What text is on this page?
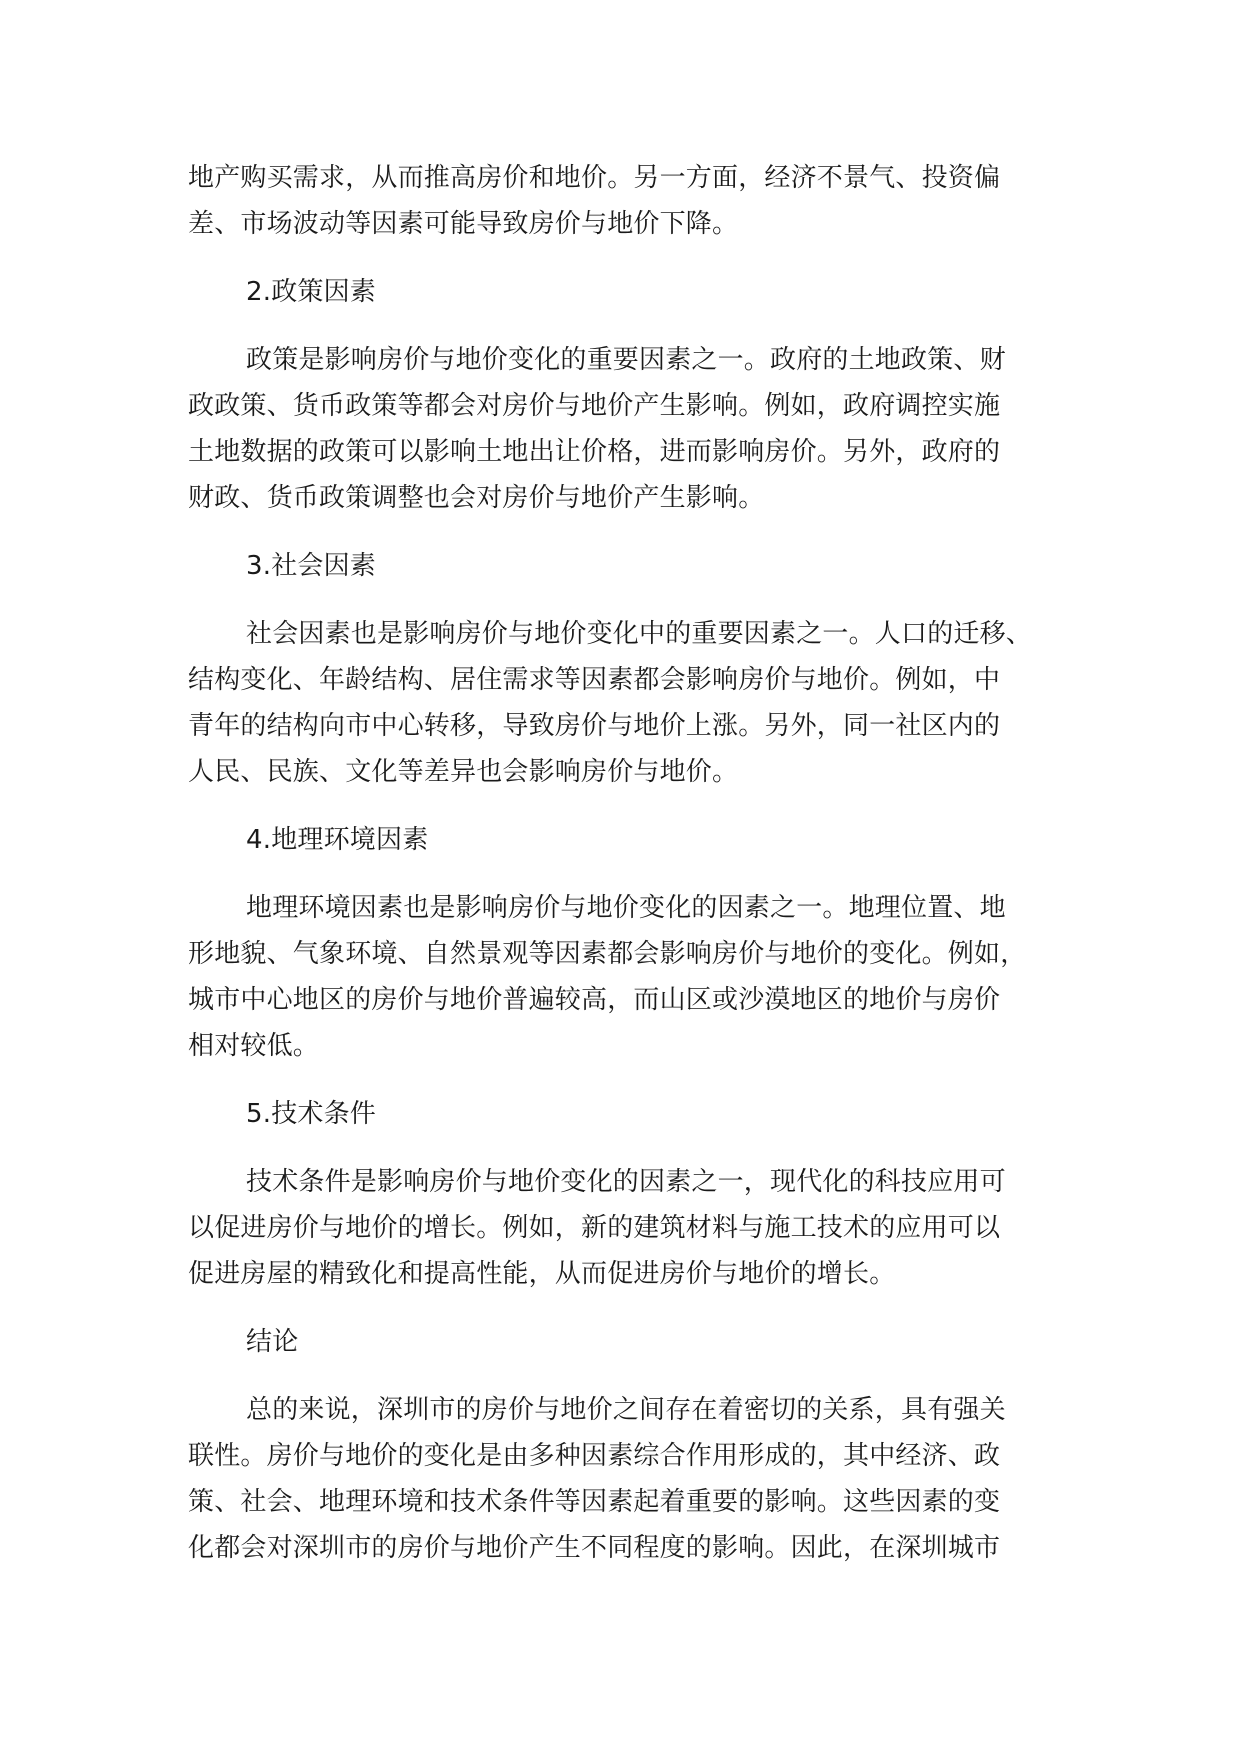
地产购买需求，从而推高房价和地价。另一方面，经济不景气、投资偏
差、市场波动等因素可能导致房价与地价下降。
2.政策因素
政策是影响房价与地价变化的重要因素之一。政府的土地政策、财
政政策、货币政策等都会对房价与地价产生影响。例如，政府调控实施
土地数据的政策可以影响土地出让价格，进而影响房价。另外，政府的
财政、货币政策调整也会对房价与地价产生影响。
3.社会因素
社会因素也是影响房价与地价变化中的重要因素之一。人口的迁移、
结构变化、年龄结构、居住需求等因素都会影响房价与地价。例如，中
青年的结构向市中心转移，导致房价与地价上涨。另外，同一社区内的
人民、民族、文化等差异也会影响房价与地价。
4.地理环境因素
地理环境因素也是影响房价与地价变化的因素之一。地理位置、地
形地貌、气象环境、自然景观等因素都会影响房价与地价的变化。例如，
城市中心地区的房价与地价普遍较高，而山区或沙漠地区的地价与房价
相对较低。
5.技术条件
技术条件是影响房价与地价变化的因素之一，现代化的科技应用可
以促进房价与地价的增长。例如，新的建筑材料与施工技术的应用可以
促进房屋的精致化和提高性能，从而促进房价与地价的增长。
结论
总的来说，深圳市的房价与地价之间存在着密切的关系，具有强关
联性。房价与地价的变化是由多种因素综合作用形成的，其中经济、政
策、社会、地理环境和技术条件等因素起着重要的影响。这些因素的变
化都会对深圳市的房价与地价产生不同程度的影响。因此，在深圳城市
